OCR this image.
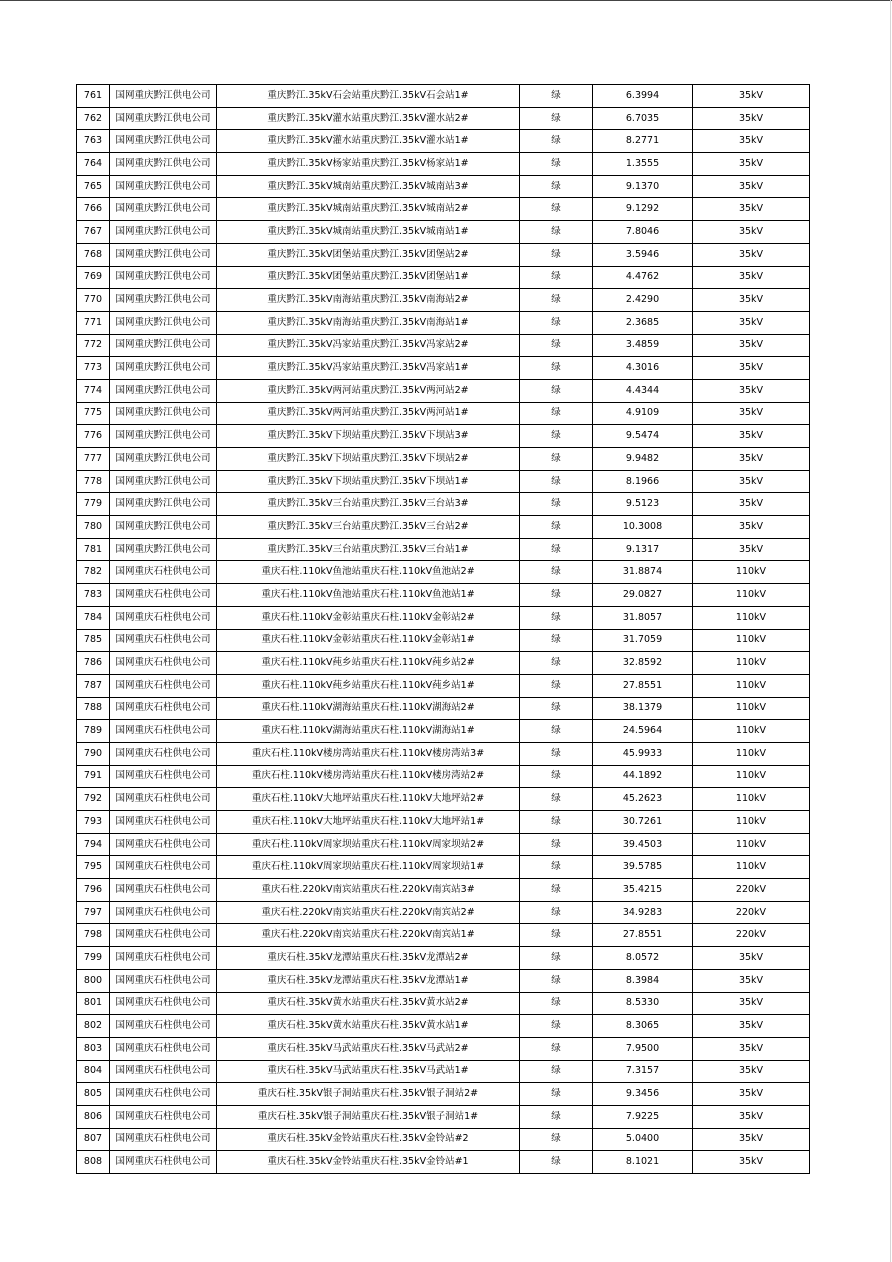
761	国网重庆黔江供电公司	重庆黔江.35kV石会站重庆黔江.35kV石会站1#	绿	6.3994	35kV
762	国网重庆黔江供电公司	重庆黔江.35kV灌水站重庆黔江.35kV灌水站2#	绿	6.7035	35kV
763	国网重庆黔江供电公司	重庆黔江.35kV灌水站重庆黔江.35kV灌水站1#	绿	8.2771	35kV
764	国网重庆黔江供电公司	重庆黔江.35kV杨家站重庆黔江.35kV杨家站1#	绿	1.3555	35kV
765	国网重庆黔江供电公司	重庆黔江.35kV城南站重庆黔江.35kV城南站3#	绿	9.1370	35kV
766	国网重庆黔江供电公司	重庆黔江.35kV城南站重庆黔江.35kV城南站2#	绿	9.1292	35kV
767	国网重庆黔江供电公司	重庆黔江.35kV城南站重庆黔江.35kV城南站1#	绿	7.8046	35kV
768	国网重庆黔江供电公司	重庆黔江.35kV团堡站重庆黔江.35kV团堡站2#	绿	3.5946	35kV
769	国网重庆黔江供电公司	重庆黔江.35kV团堡站重庆黔江.35kV团堡站1#	绿	4.4762	35kV
770	国网重庆黔江供电公司	重庆黔江.35kV南海站重庆黔江.35kV南海站2#	绿	2.4290	35kV
771	国网重庆黔江供电公司	重庆黔江.35kV南海站重庆黔江.35kV南海站1#	绿	2.3685	35kV
772	国网重庆黔江供电公司	重庆黔江.35kV冯家站重庆黔江.35kV冯家站2#	绿	3.4859	35kV
773	国网重庆黔江供电公司	重庆黔江.35kV冯家站重庆黔江.35kV冯家站1#	绿	4.3016	35kV
774	国网重庆黔江供电公司	重庆黔江.35kV两河站重庆黔江.35kV两河站2#	绿	4.4344	35kV
775	国网重庆黔江供电公司	重庆黔江.35kV两河站重庆黔江.35kV两河站1#	绿	4.9109	35kV
776	国网重庆黔江供电公司	重庆黔江.35kV下坝站重庆黔江.35kV下坝站3#	绿	9.5474	35kV
777	国网重庆黔江供电公司	重庆黔江.35kV下坝站重庆黔江.35kV下坝站2#	绿	9.9482	35kV
778	国网重庆黔江供电公司	重庆黔江.35kV下坝站重庆黔江.35kV下坝站1#	绿	8.1966	35kV
779	国网重庆黔江供电公司	重庆黔江.35kV三台站重庆黔江.35kV三台站3#	绿	9.5123	35kV
780	国网重庆黔江供电公司	重庆黔江.35kV三台站重庆黔江.35kV三台站2#	绿	10.3008	35kV
781	国网重庆黔江供电公司	重庆黔江.35kV三台站重庆黔江.35kV三台站1#	绿	9.1317	35kV
782	国网重庆石柱供电公司	重庆石柱.110kV鱼池站重庆石柱.110kV鱼池站2#	绿	31.8874	110kV
783	国网重庆石柱供电公司	重庆石柱.110kV鱼池站重庆石柱.110kV鱼池站1#	绿	29.0827	110kV
784	国网重庆石柱供电公司	重庆石柱.110kV金彰站重庆石柱.110kV金彰站2#	绿	31.8057	110kV
785	国网重庆石柱供电公司	重庆石柱.110kV金彰站重庆石柱.110kV金彰站1#	绿	31.7059	110kV
786	国网重庆石柱供电公司	重庆石柱.110kV莼乡站重庆石柱.110kV莼乡站2#	绿	32.8592	110kV
787	国网重庆石柱供电公司	重庆石柱.110kV莼乡站重庆石柱.110kV莼乡站1#	绿	27.8551	110kV
788	国网重庆石柱供电公司	重庆石柱.110kV湖海站重庆石柱.110kV湖海站2#	绿	38.1379	110kV
789	国网重庆石柱供电公司	重庆石柱.110kV湖海站重庆石柱.110kV湖海站1#	绿	24.5964	110kV
790	国网重庆石柱供电公司	重庆石柱.110kV楼房湾站重庆石柱.110kV楼房湾站3#	绿	45.9933	110kV
791	国网重庆石柱供电公司	重庆石柱.110kV楼房湾站重庆石柱.110kV楼房湾站2#	绿	44.1892	110kV
792	国网重庆石柱供电公司	重庆石柱.110kV大地坪站重庆石柱.110kV大地坪站2#	绿	45.2623	110kV
793	国网重庆石柱供电公司	重庆石柱.110kV大地坪站重庆石柱.110kV大地坪站1#	绿	30.7261	110kV
794	国网重庆石柱供电公司	重庆石柱.110kV周家坝站重庆石柱.110kV周家坝站2#	绿	39.4503	110kV
795	国网重庆石柱供电公司	重庆石柱.110kV周家坝站重庆石柱.110kV周家坝站1#	绿	39.5785	110kV
796	国网重庆石柱供电公司	重庆石柱.220kV南宾站重庆石柱.220kV南宾站3#	绿	35.4215	220kV
797	国网重庆石柱供电公司	重庆石柱.220kV南宾站重庆石柱.220kV南宾站2#	绿	34.9283	220kV
798	国网重庆石柱供电公司	重庆石柱.220kV南宾站重庆石柱.220kV南宾站1#	绿	27.8551	220kV
799	国网重庆石柱供电公司	重庆石柱.35kV龙潭站重庆石柱.35kV龙潭站2#	绿	8.0572	35kV
800	国网重庆石柱供电公司	重庆石柱.35kV龙潭站重庆石柱.35kV龙潭站1#	绿	8.3984	35kV
801	国网重庆石柱供电公司	重庆石柱.35kV黄水站重庆石柱.35kV黄水站2#	绿	8.5330	35kV
802	国网重庆石柱供电公司	重庆石柱.35kV黄水站重庆石柱.35kV黄水站1#	绿	8.3065	35kV
803	国网重庆石柱供电公司	重庆石柱.35kV马武站重庆石柱.35kV马武站2#	绿	7.9500	35kV
804	国网重庆石柱供电公司	重庆石柱.35kV马武站重庆石柱.35kV马武站1#	绿	7.3157	35kV
805	国网重庆石柱供电公司	重庆石柱.35kV银子洞站重庆石柱.35kV银子洞站2#	绿	9.3456	35kV
806	国网重庆石柱供电公司	重庆石柱.35kV银子洞站重庆石柱.35kV银子洞站1#	绿	7.9225	35kV
807	国网重庆石柱供电公司	重庆石柱.35kV金铃站重庆石柱.35kV金铃站#2	绿	5.0400	35kV
808	国网重庆石柱供电公司	重庆石柱.35kV金铃站重庆石柱.35kV金铃站#1	绿	8.1021	35kV
